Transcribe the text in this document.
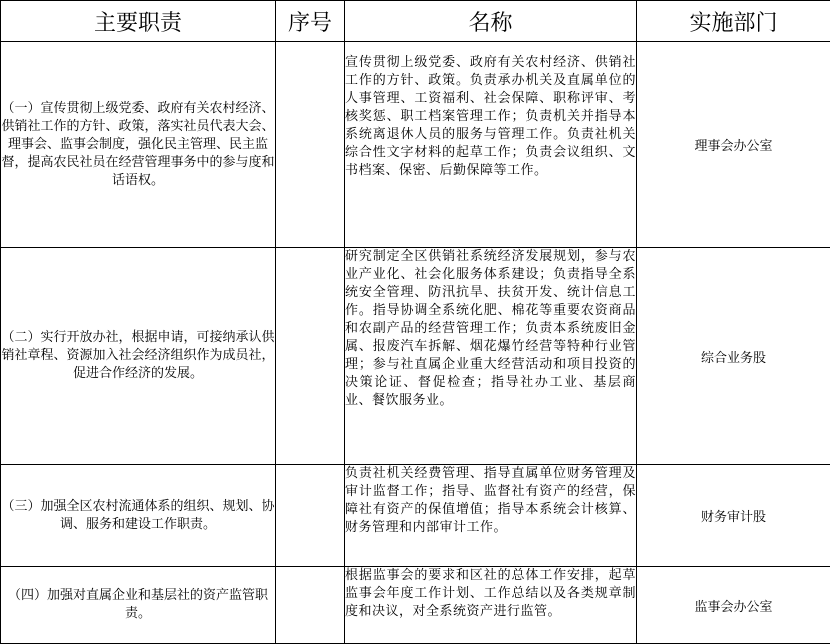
主要职责	序号	名称	实施部门
（一）宣传贯彻上级党委、政府有关农村经济、供销社工作的方针、政策，落实社员代表大会、理事会、监事会制度，强化民主管理、民主监督，提高农民社员在经营管理事务中的参与度和话语权。		宣传贯彻上级党委、政府有关农村经济、供销社工作的方针、政策。负责承办机关及直属单位的人事管理、工资福利、社会保障、职称评审、考核奖惩、职工档案管理工作；负责机关并指导本系统离退休人员的服务与管理工作。负责社机关综合性文字材料的起草工作；负责会议组织、文书档案、保密、后勤保障等工作。	理事会办公室
（二）实行开放办社，根据申请，可接纳承认供销社章程、资源加入社会经济组织作为成员社，促进合作经济的发展。		研究制定全区供销社系统经济发展规划，参与农业产业化、社会化服务体系建设；负责指导全系统安全管理、防汛抗旱、扶贫开发、统计信息工作。指导协调全系统化肥、棉花等重要农资商品和农副产品的经营管理工作；负责本系统废旧金属、报废汽车拆解、烟花爆竹经营等特种行业管理；参与社直属企业重大经营活动和项目投资的决策论证、督促检查；指导社办工业、基层商业、餐饮服务业。	综合业务股
（三）加强全区农村流通体系的组织、规划、协调、服务和建设工作职责。		负责社机关经费管理、指导直属单位财务管理及审计监督工作；指导、监督社有资产的经营，保障社有资产的保值增值；指导本系统会计核算、财务管理和内部审计工作。	财务审计股
（四）加强对直属企业和基层社的资产监管职责。		根据监事会的要求和区社的总体工作安排，起草监事会年度工作计划、工作总结以及各类规章制度和决议，对全系统资产进行监管。	监事会办公室
